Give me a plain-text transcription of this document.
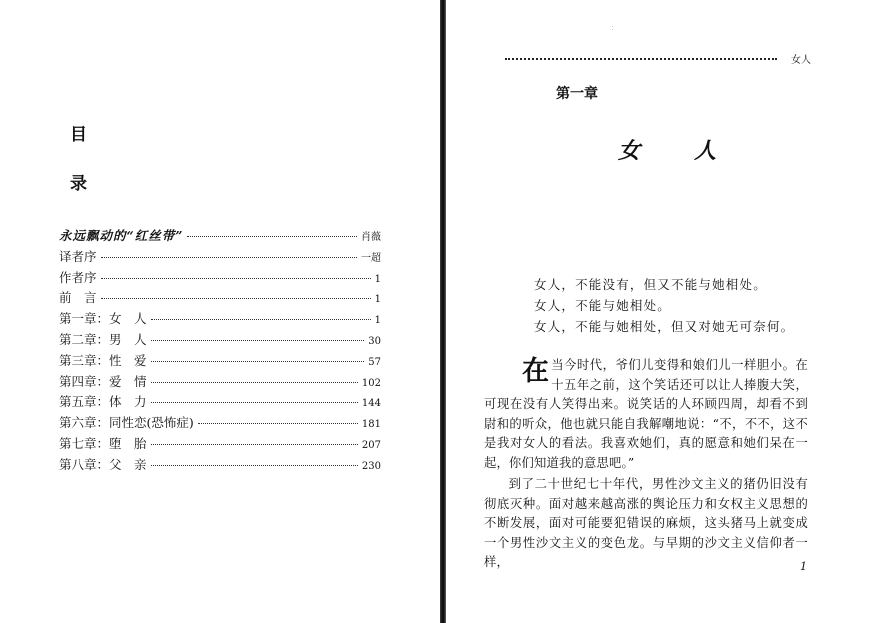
目
录
永远飘动的“红丝带”	肖薇
译者序	一超
作者序	1
前　言	1
第一章：女　人	1
第二章：男　人	30
第三章：性　爱	57
第四章：爱　情	102
第五章：体　力	144
第六章：同性恋(恐怖症)	181
第七章：堕　胎	207
第八章：父　亲	230
：
女人
第一章
女人
女人，不能没有，但又不能与她相处。
女人，不能与她相处。
女人，不能与她相处，但又对她无可奈何。

在当今时代，爷们儿变得和娘们儿一样胆小。在十五年之前，这个笑话还可以让人捧腹大笑，可现在没有人笑得出来。说笑话的人环顾四周，却看不到尉和的听众，他也就只能自我解嘲地说：“不，不不，这不是我对女人的看法。我喜欢她们，真的愿意和她们呆在一起，你们知道我的意思吧。”

到了二十世纪七十年代，男性沙文主义的猪仍旧没有彻底灭种。面对越来越高涨的舆论压力和女权主义思想的不断发展，面对可能要犯错误的麻烦，这头猪马上就变成一个男性沙文主义的变色龙。与早期的沙文主义信仰者一样，	1
